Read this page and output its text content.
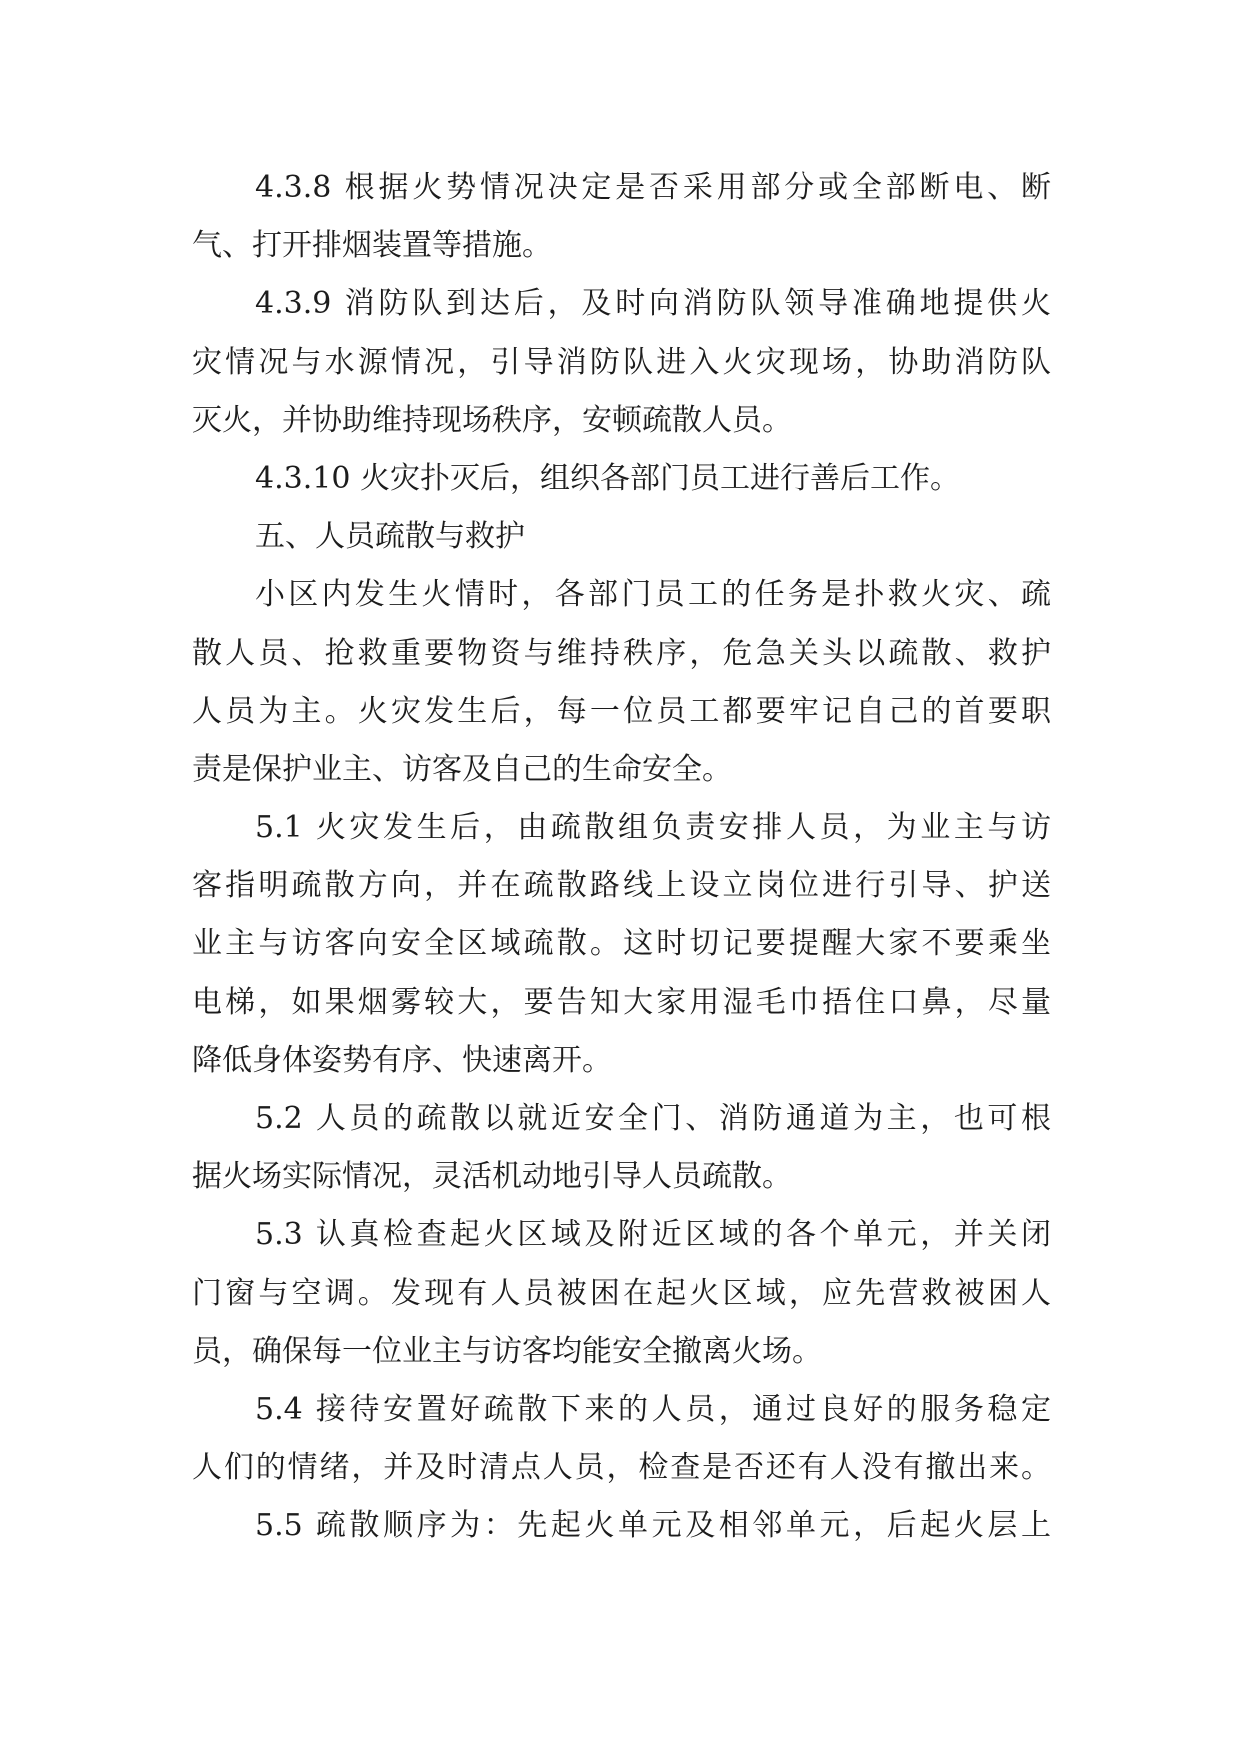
4.3.8 根据火势情况决定是否采用部分或全部断电、断
气、打开排烟装置等措施。
4.3.9 消防队到达后，及时向消防队领导准确地提供火
灾情况与水源情况，引导消防队进入火灾现场，协助消防队
灭火，并协助维持现场秩序，安顿疏散人员。
4.3.10 火灾扑灭后，组织各部门员工进行善后工作。
五、人员疏散与救护
小区内发生火情时，各部门员工的任务是扑救火灾、疏
散人员、抢救重要物资与维持秩序，危急关头以疏散、救护
人员为主。火灾发生后，每一位员工都要牢记自己的首要职
责是保护业主、访客及自己的生命安全。
5.1 火灾发生后，由疏散组负责安排人员，为业主与访
客指明疏散方向，并在疏散路线上设立岗位进行引导、护送
业主与访客向安全区域疏散。这时切记要提醒大家不要乘坐
电梯，如果烟雾较大，要告知大家用湿毛巾捂住口鼻，尽量
降低身体姿势有序、快速离开。
5.2 人员的疏散以就近安全门、消防通道为主，也可根
据火场实际情况，灵活机动地引导人员疏散。
5.3 认真检查起火区域及附近区域的各个单元，并关闭
门窗与空调。发现有人员被困在起火区域，应先营救被困人
员，确保每一位业主与访客均能安全撤离火场。
5.4 接待安置好疏散下来的人员，通过良好的服务稳定
人们的情绪，并及时清点人员，检查是否还有人没有撤出来。
5.5 疏散顺序为：先起火单元及相邻单元，后起火层上
